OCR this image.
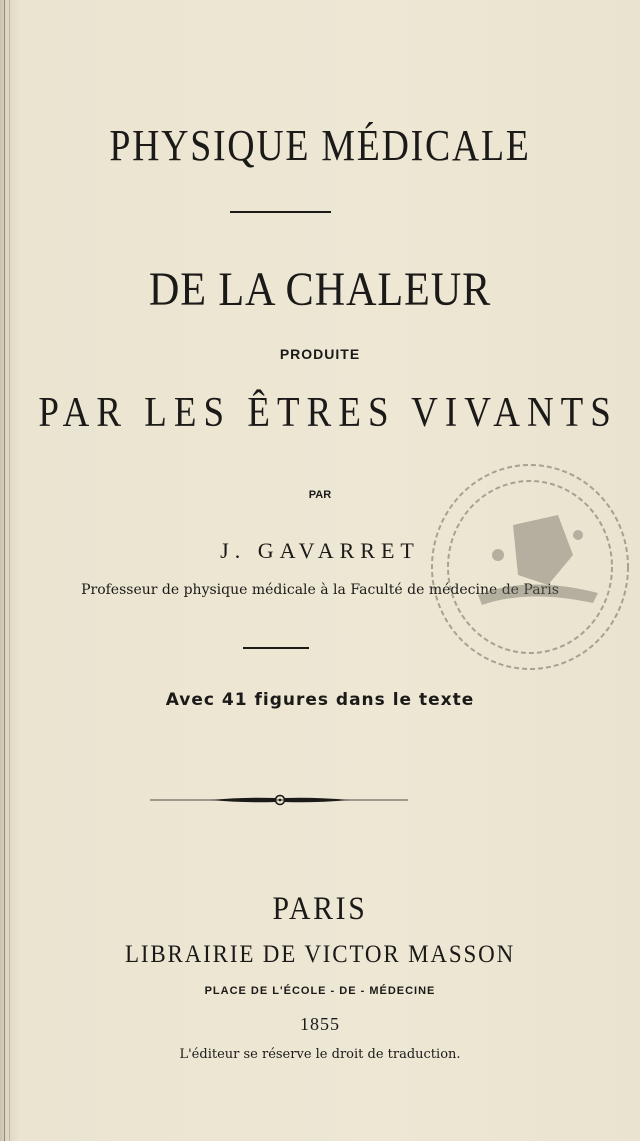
PHYSIQUE MÉDICALE
DE LA CHALEUR
PRODUITE
PAR LES ÊTRES VIVANTS
PAR
J. GAVARRET
Professeur de physique médicale à la Faculté de médecine de Paris
Avec 41 figures dans le texte
PARIS
LIBRAIRIE DE VICTOR MASSON
PLACE DE L'ÉCOLE - DE - MÉDECINE
1855
L'éditeur se réserve le droit de traduction.
